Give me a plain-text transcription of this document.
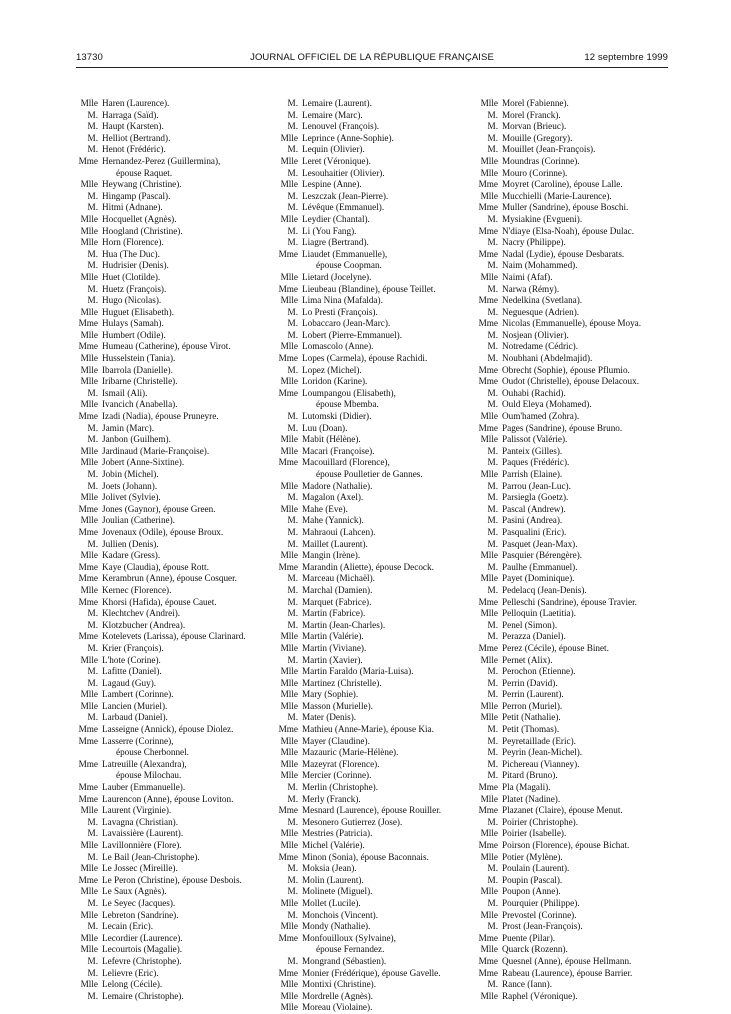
13730	JOURNAL OFFICIEL DE LA RÉPUBLIQUE FRANÇAISE	12 septembre 1999
Mlle Haren (Laurence).
M. Harraga (Saïd).
M. Haupt (Karsten).
M. Helliot (Bertrand).
M. Henot (Frédéric).
Mme Hernandez-Perez (Guillermina),
épouse Raquet.
Mlle Heywang (Christine).
M. Hingamp (Pascal).
M. Hitmi (Adnane).
Mlle Hocquellet (Agnès).
Mlle Hoogland (Christine).
Mlle Horn (Florence).
M. Hua (The Duc).
M. Hudrisier (Denis).
Mlle Huet (Clotilde).
M. Huetz (François).
M. Hugo (Nicolas).
Mlle Huguet (Elisabeth).
Mme Hulays (Samah).
Mlle Humbert (Odile).
Mme Humeau (Catherine), épouse Virot.
Mlle Husselstein (Tania).
Mlle Ibarrola (Danielle).
Mlle Iribarne (Christelle).
M. Ismail (Ali).
Mlle Ivancich (Anabella).
Mme Izadi (Nadia), épouse Pruneyre.
M. Jamin (Marc).
M. Janbon (Guilhem).
Mlle Jardinaud (Marie-Françoise).
Mlle Jobert (Anne-Sixtine).
M. Jobin (Michel).
M. Joets (Johann).
Mlle Jolivet (Sylvie).
Mme Jones (Gaynor), épouse Green.
Mlle Joulian (Catherine).
Mme Jovenaux (Odile), épouse Broux.
M. Jullien (Denis).
Mlle Kadare (Gress).
Mme Kaye (Claudia), épouse Rott.
Mme Kerambrun (Anne), épouse Cosquer.
Mlle Kernec (Florence).
Mme Khorsi (Hafida), épouse Cauet.
M. Klechtchev (Andrei).
M. Klotzbucher (Andrea).
Mme Kotelevets (Larissa), épouse Clarinard.
M. Krier (François).
Mlle L'hote (Corine).
M. Lafitte (Daniel).
M. Lagaud (Guy).
Mlle Lambert (Corinne).
Mlle Lancien (Muriel).
M. Larbaud (Daniel).
Mme Lasseigne (Annick), épouse Diolez.
Mme Lasserre (Corinne),
épouse Cherbonnel.
Mme Latreuille (Alexandra),
épouse Milochau.
Mme Lauber (Emmanuelle).
Mme Laurencon (Anne), épouse Loviton.
Mlle Laurent (Virginie).
M. Lavagna (Christian).
M. Lavaissière (Laurent).
Mlle Lavillonnière (Flore).
M. Le Bail (Jean-Christophe).
Mlle Le Jossec (Mireille).
Mme Le Peron (Christine), épouse Desbois.
Mlle Le Saux (Agnès).
M. Le Seyec (Jacques).
Mlle Lebreton (Sandrine).
M. Lecain (Eric).
Mlle Lecordier (Laurence).
Mlle Lecourtois (Magalie).
M. Lefevre (Christophe).
M. Lelievre (Eric).
Mlle Lelong (Cécile).
M. Lemaire (Christophe).
M. Lemaire (Laurent).
M. Lemaire (Marc).
M. Lenouvel (François).
Mlle Leprince (Anne-Sophie).
M. Lequin (Olivier).
Mlle Leret (Véronique).
M. Lesouhaitier (Olivier).
Mlle Lespine (Anne).
M. Leszczak (Jean-Pierre).
M. Lévêque (Emmanuel).
Mlle Leydier (Chantal).
M. Li (You Fang).
M. Liagre (Bertrand).
Mme Liaudet (Emmanuelle),
épouse Coopman.
Mlle Lietard (Jocelyne).
Mme Lieubeau (Blandine), épouse Teillet.
Mlle Lima Nina (Mafalda).
M. Lo Presti (François).
M. Lobaccaro (Jean-Marc).
M. Lobert (Pierre-Emmanuel).
Mlle Lomascolo (Anne).
Mme Lopes (Carmela), épouse Rachidi.
M. Lopez (Michel).
Mlle Loridon (Karine).
Mme Loumpangou (Elisabeth),
épouse Mbemba.
M. Lutomski (Didier).
M. Luu (Doan).
Mlle Mabit (Hélène).
Mlle Macari (Françoise).
Mme Macouillard (Florence),
épouse Poulletier de Gannes.
Mlle Madore (Nathalie).
M. Magalon (Axel).
Mlle Mahe (Eve).
M. Mahe (Yannick).
M. Mahraoui (Lahcen).
M. Maillet (Laurent).
Mlle Mangin (Irène).
Mme Marandin (Aliette), épouse Decock.
M. Marceau (Michaël).
M. Marchal (Damien).
M. Marquet (Fabrice).
M. Martin (Fabrice).
M. Martin (Jean-Charles).
Mlle Martin (Valérie).
Mlle Martin (Viviane).
M. Martin (Xavier).
Mlle Martin Faraldo (Maria-Luisa).
Mlle Martinez (Christelle).
Mlle Mary (Sophie).
Mlle Masson (Murielle).
M. Mater (Denis).
Mme Mathieu (Anne-Marie), épouse Kia.
Mlle Mayer (Claudine).
Mlle Mazauric (Marie-Hélène).
Mlle Mazeyrat (Florence).
Mlle Mercier (Corinne).
M. Merlin (Christophe).
M. Merly (Franck).
Mme Mesnard (Laurence), épouse Rouiller.
M. Mesonero Gutierrez (Jose).
Mlle Mestries (Patricia).
Mlle Michel (Valérie).
Mme Minon (Sonia), épouse Baconnais.
M. Moksia (Jean).
M. Molin (Laurent).
M. Molinete (Miguel).
Mlle Mollet (Lucile).
M. Monchois (Vincent).
Mlle Mondy (Nathalie).
Mme Monfouilloux (Sylvaine),
épouse Fernandez.
M. Mongrand (Sébastien).
Mme Monier (Frédérique), épouse Gavelle.
Mlle Montixi (Christine).
Mlle Mordrelle (Agnès).
Mlle Moreau (Violaine).
Mlle Morel (Fabienne).
M. Morel (Franck).
M. Morvan (Brieuc).
M. Mouille (Gregory).
M. Mouillet (Jean-François).
Mlle Moundras (Corinne).
Mlle Mouro (Corinne).
Mme Moyret (Caroline), épouse Lalle.
Mlle Mucchielli (Marie-Laurence).
Mme Muller (Sandrine), épouse Boschi.
M. Mysiakine (Evgueni).
Mme N'diaye (Elsa-Noah), épouse Dulac.
M. Nacry (Philippe).
Mme Nadal (Lydie), épouse Desbarats.
M. Naim (Mohammed).
Mlle Naimi (Afaf).
M. Narwa (Rémy).
Mme Nedelkina (Svetlana).
M. Neguesque (Adrien).
Mme Nicolas (Emmanuelle), épouse Moya.
M. Nosjean (Olivier).
M. Notredame (Cédric).
M. Noubhani (Abdelmajid).
Mme Obrecht (Sophie), épouse Pflumio.
Mme Oudot (Christelle), épouse Delacoux.
M. Ouhabi (Rachid).
M. Ould Eleya (Mohamed).
Mlle Oum'hamed (Zohra).
Mme Pages (Sandrine), épouse Bruno.
Mlle Palissot (Valérie).
M. Panteix (Gilles).
M. Paques (Frédéric).
Mlle Parrish (Elaine).
M. Parrou (Jean-Luc).
M. Parsiegla (Goetz).
M. Pascal (Andrew).
M. Pasini (Andrea).
M. Pasqualini (Eric).
M. Pasquet (Jean-Max).
Mlle Pasquier (Bérengère).
M. Paulhe (Emmanuel).
Mlle Payet (Dominique).
M. Pedelacq (Jean-Denis).
Mme Pelleschi (Sandrine), épouse Travier.
Mlle Pelloquin (Laetitia).
M. Penel (Simon).
M. Perazza (Daniel).
Mme Perez (Cécile), épouse Binet.
Mlle Pernet (Alix).
M. Perochon (Etienne).
M. Perrin (David).
M. Perrin (Laurent).
Mlle Perron (Muriel).
Mlle Petit (Nathalie).
M. Petit (Thomas).
M. Peyretaillade (Eric).
M. Peyrin (Jean-Michel).
M. Pichereau (Vianney).
M. Pitard (Bruno).
Mme Pla (Magali).
Mlle Platet (Nadine).
Mme Plazanet (Claire), épouse Menut.
M. Poirier (Christophe).
Mlle Poirier (Isabelle).
Mme Poirson (Florence), épouse Bichat.
Mlle Potier (Mylène).
M. Poulain (Laurent).
M. Poupin (Pascal).
Mlle Poupon (Anne).
M. Pourquier (Philippe).
Mlle Prevostel (Corinne).
M. Prost (Jean-François).
Mme Puente (Pilar).
Mlle Quarck (Rozenn).
Mme Quesnel (Anne), épouse Hellmann.
Mme Rabeau (Laurence), épouse Barrier.
M. Rance (Iann).
Mlle Raphel (Véronique).
